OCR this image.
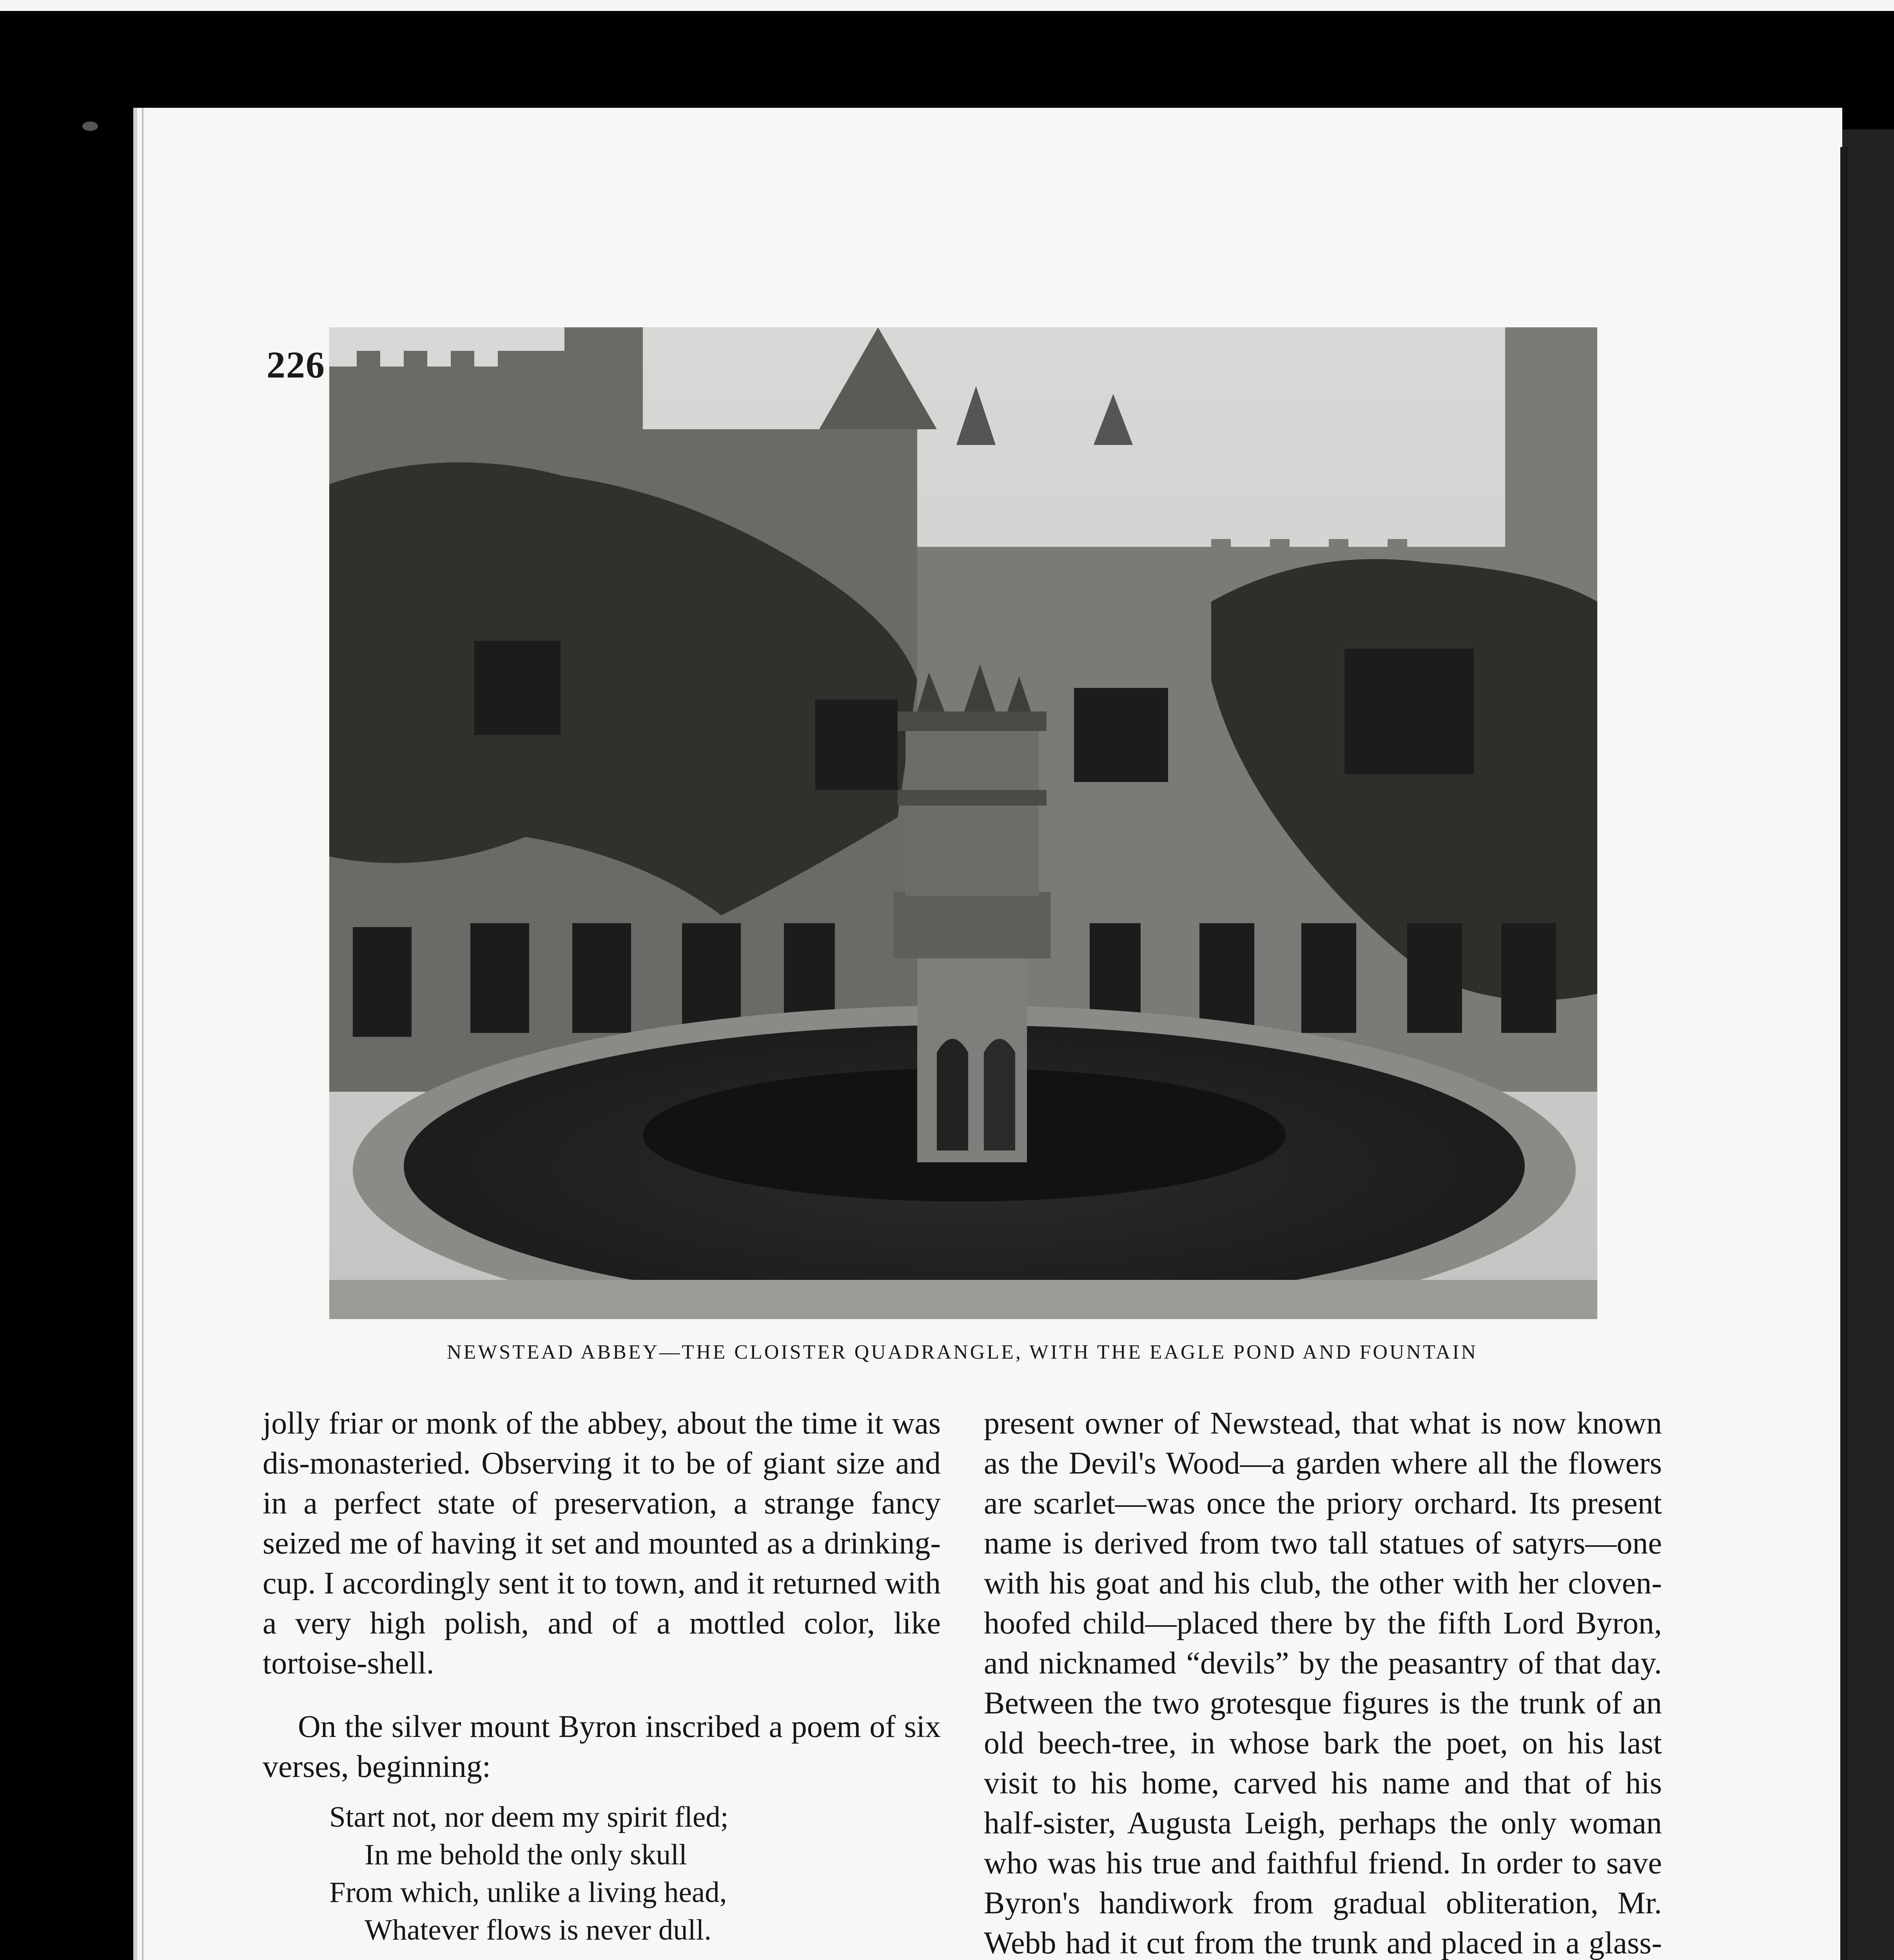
226
NEWSTEAD ABBEY—THE CLOISTER QUADRANGLE, WITH THE EAGLE POND AND FOUNTAIN

jolly friar or monk of the abbey, about the time it was dis-monasteried. Observing it to be of giant size and in a perfect state of preservation, a strange fancy seized me of having it set and mounted as a drinking-cup. I accordingly sent it to town, and it returned with a very high polish, and of a mottled color, like tortoise-shell.

On the silver mount Byron inscribed a poem of six verses, beginning:

Start not, nor deem my spirit fled;
In me behold the only skull
From which, unlike a living head,
Whatever flows is never dull.

present owner of Newstead, that what is now known as the Devil's Wood—a garden where all the flowers are scarlet—was once the priory orchard. Its present name is derived from two tall statues of satyrs—one with his goat and his club, the other with her cloven-hoofed child—placed there by the fifth Lord Byron, and nicknamed “devils” by the peasantry of that day. Between the two grotesque figures is the trunk of an old beech-tree, in whose bark the poet, on his last visit to his home, carved his name and that of his half-sister, Augusta Leigh, perhaps the only woman who was his true and faithful friend. In order to save Byron's handiwork from gradual obliteration, Mr. Webb had it cut from the trunk and placed in a glass-
